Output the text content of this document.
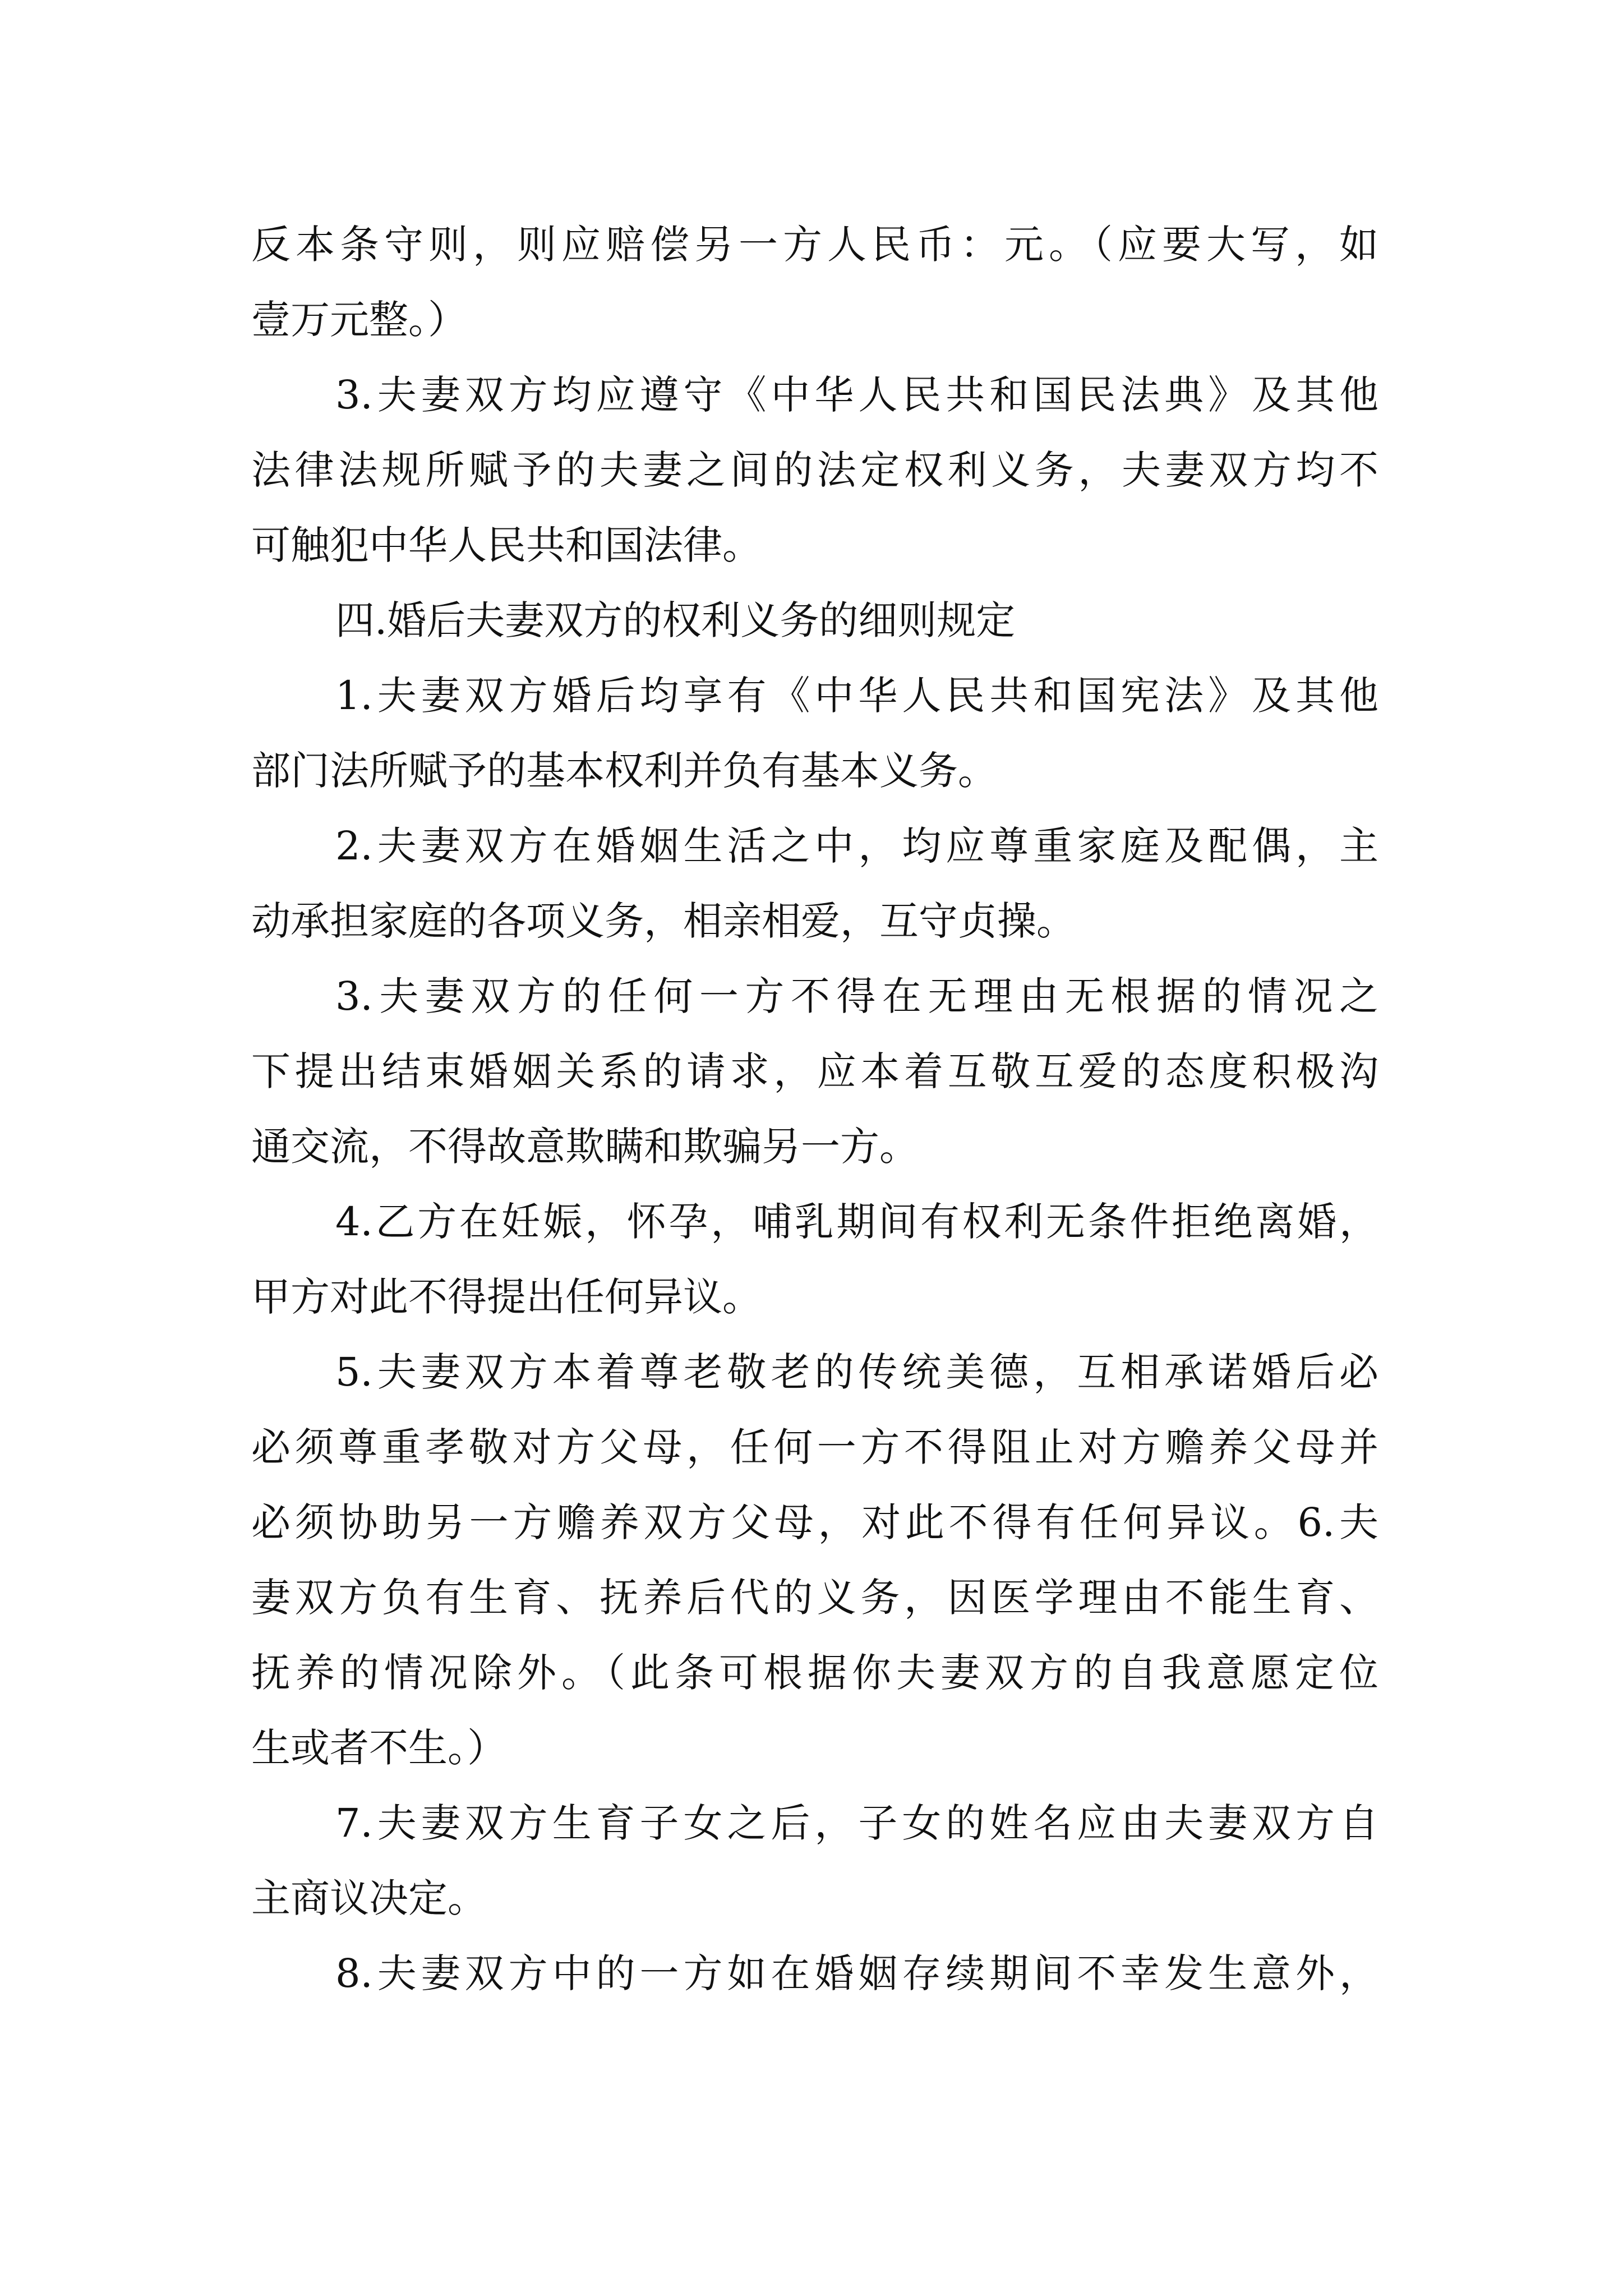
反本条守则，则应赔偿另一方人民币：元。（应要大写，如
壹万元整。）
3.夫妻双方均应遵守《中华人民共和国民法典》及其他
法律法规所赋予的夫妻之间的法定权利义务，夫妻双方均不
可触犯中华人民共和国法律。
四.婚后夫妻双方的权利义务的细则规定
1.夫妻双方婚后均享有《中华人民共和国宪法》及其他
部门法所赋予的基本权利并负有基本义务。
2.夫妻双方在婚姻生活之中，均应尊重家庭及配偶，主
动承担家庭的各项义务，相亲相爱，互守贞操。
3.夫妻双方的任何一方不得在无理由无根据的情况之
下提出结束婚姻关系的请求，应本着互敬互爱的态度积极沟
通交流，不得故意欺瞒和欺骗另一方。
4.乙方在妊娠，怀孕，哺乳期间有权利无条件拒绝离婚，
甲方对此不得提出任何异议。
5.夫妻双方本着尊老敬老的传统美德，互相承诺婚后必
必须尊重孝敬对方父母，任何一方不得阻止对方赡养父母并
必须协助另一方赡养双方父母，对此不得有任何异议。6.夫
妻双方负有生育、抚养后代的义务，因医学理由不能生育、
抚养的情况除外。（此条可根据你夫妻双方的自我意愿定位
生或者不生。）
7.夫妻双方生育子女之后，子女的姓名应由夫妻双方自
主商议决定。
8.夫妻双方中的一方如在婚姻存续期间不幸发生意外，
